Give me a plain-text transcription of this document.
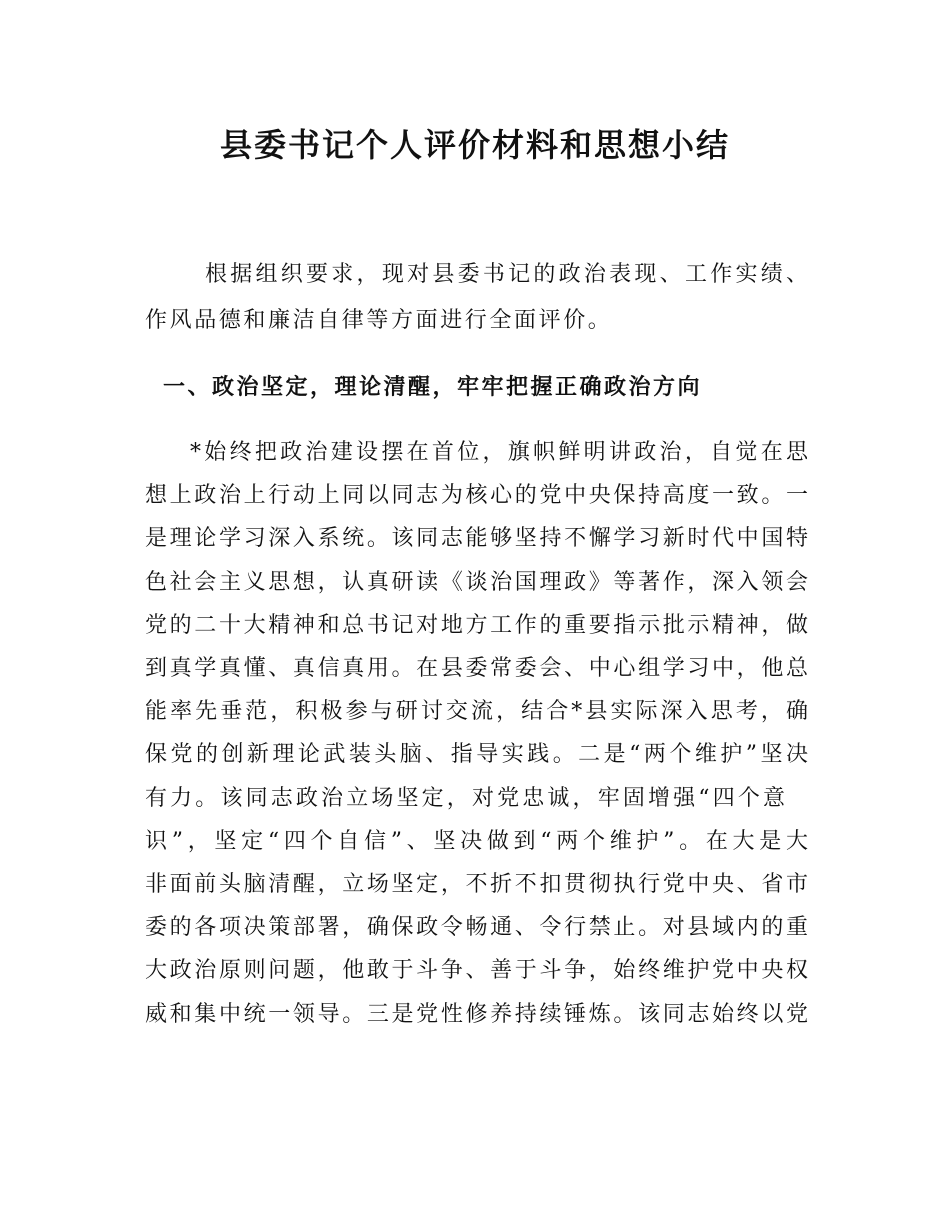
县委书记个人评价材料和思想小结
根据组织要求，现对县委书记的政治表现、工作实绩、
作风品德和廉洁自律等方面进行全面评价。
一、政治坚定，理论清醒，牢牢把握正确政治方向
*始终把政治建设摆在首位，旗帜鲜明讲政治，自觉在思
想上政治上行动上同以同志为核心的党中央保持高度一致。一
是理论学习深入系统。该同志能够坚持不懈学习新时代中国特
色社会主义思想，认真研读《谈治国理政》等著作，深入领会
党的二十大精神和总书记对地方工作的重要指示批示精神，做
到真学真懂、真信真用。在县委常委会、中心组学习中，他总
能率先垂范，积极参与研讨交流，结合*县实际深入思考，确
保党的创新理论武装头脑、指导实践。二是“两个维护”坚决
有力。该同志政治立场坚定，对党忠诚，牢固增强“四个意
识”，坚定“四个自信”、坚决做到“两个维护”。在大是大
非面前头脑清醒，立场坚定，不折不扣贯彻执行党中央、省市
委的各项决策部署，确保政令畅通、令行禁止。对县域内的重
大政治原则问题，他敢于斗争、善于斗争，始终维护党中央权
威和集中统一领导。三是党性修养持续锤炼。该同志始终以党
